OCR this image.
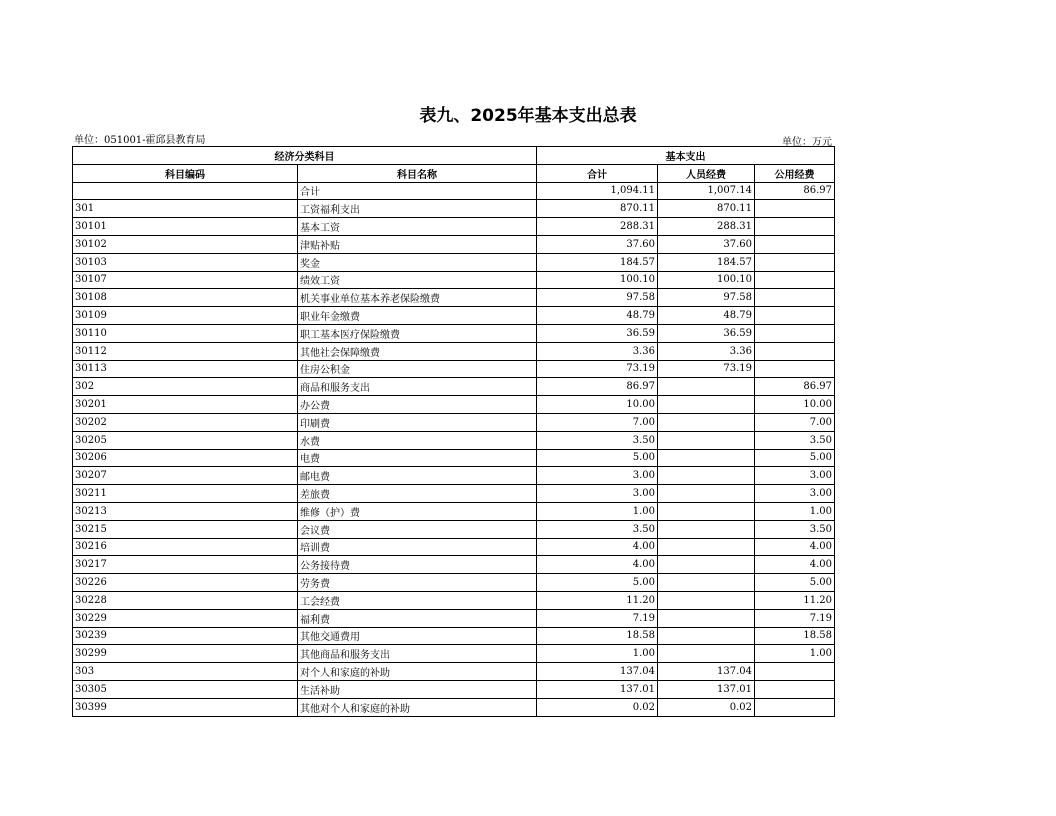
表九、2025年基本支出总表
单位：051001-霍邱县教育局	单位：万元
经济分类科目		基本支出		
科目编码	科目名称	合计	人员经费	公用经费
	合计	1,094.11	1,007.14	86.97
301	工资福利支出	870.11	870.11	
30101	基本工资	288.31	288.31	
30102	津贴补贴	37.60	37.60	
30103	奖金	184.57	184.57	
30107	绩效工资	100.10	100.10	
30108	机关事业单位基本养老保险缴费	97.58	97.58	
30109	职业年金缴费	48.79	48.79	
30110	职工基本医疗保险缴费	36.59	36.59	
30112	其他社会保障缴费	3.36	3.36	
30113	住房公积金	73.19	73.19	
302	商品和服务支出	86.97		86.97
30201	办公费	10.00		10.00
30202	印刷费	7.00		7.00
30205	水费	3.50		3.50
30206	电费	5.00		5.00
30207	邮电费	3.00		3.00
30211	差旅费	3.00		3.00
30213	维修（护）费	1.00		1.00
30215	会议费	3.50		3.50
30216	培训费	4.00		4.00
30217	公务接待费	4.00		4.00
30226	劳务费	5.00		5.00
30228	工会经费	11.20		11.20
30229	福利费	7.19		7.19
30239	其他交通费用	18.58		18.58
30299	其他商品和服务支出	1.00		1.00
303	对个人和家庭的补助	137.04	137.04	
30305	生活补助	137.01	137.01	
30399	其他对个人和家庭的补助	0.02	0.02	
